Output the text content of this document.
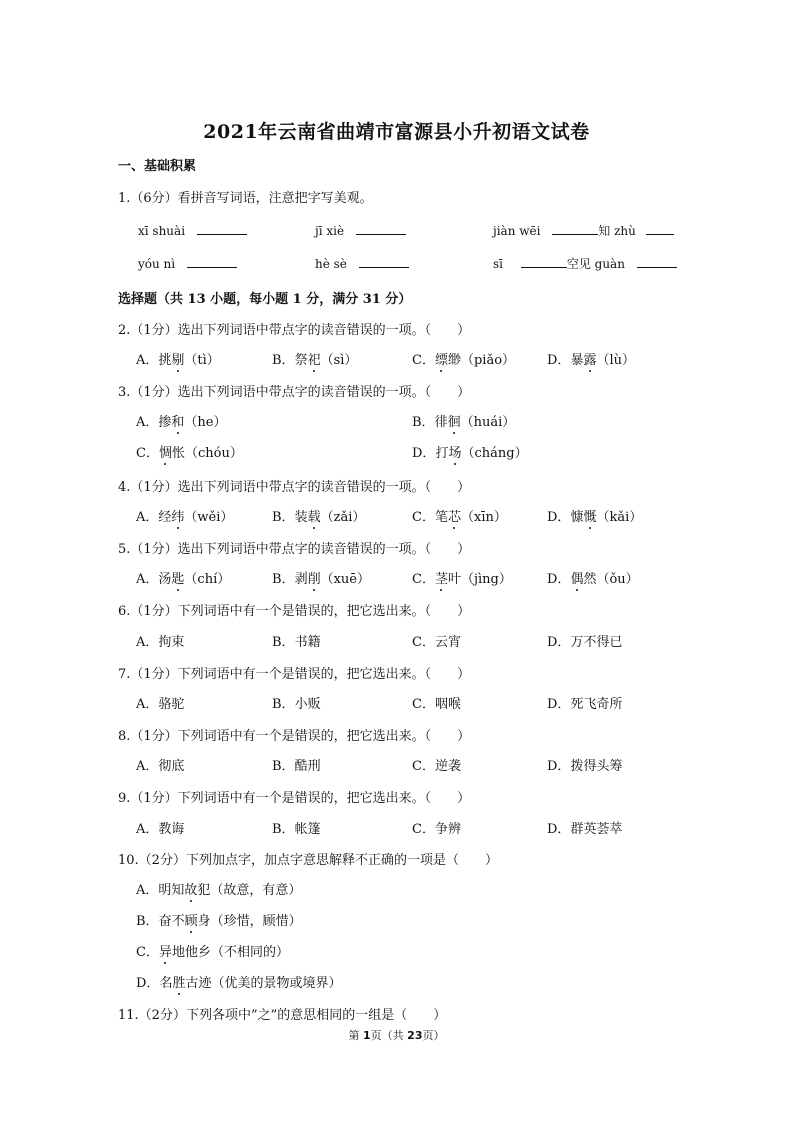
2021年云南省曲靖市富源县小升初语文试卷
一、基础积累
1.（6分）看拼音写词语，注意把字写美观。
xī shuài	jī xiè	jiàn wēi	知 zhù
yóu nì	hè sè	sī	空见 guàn
选择题（共 13 小题，每小题 1 分，满分 31 分）
2.（1分）选出下列词语中带点字的读音错误的一项。（　　）
A．挑剔（tì）	B．祭祀（sì）	C．缥缈（piǎo） D．暴露（lù）
3.（1分）选出下列词语中带点字的读音错误的一项。（　　）
A．掺和（he）	B．徘徊（huái）
C．惆怅（chóu）	D．打场（cháng）
4.（1分）选出下列词语中带点字的读音错误的一项。（　　）
A．经纬（wěi）	B．装载（zǎi）	C．笔芯（xīn）	D．慷慨（kǎi）
5.（1分）选出下列词语中带点字的读音错误的一项。（　　）
A．汤匙（chí）	B．剥削（xuē）	C．茎叶（jìng）	D．偶然（ǒu）
6.（1分）下列词语中有一个是错误的，把它选出来。（　　）
A．拘束	B．书籍	C．云宵	D．万不得已
7.（1分）下列词语中有一个是错误的，把它选出来。（　　）
A．骆驼	B．小贩	C．咽喉	D．死飞奇所
8.（1分）下列词语中有一个是错误的，把它选出来。（　　）
A．彻底	B．酷刑	C．逆袭	D．拨得头筹
9.（1分）下列词语中有一个是错误的，把它选出来。（　　）
A．教诲	B．帐篷	C．争辨	D．群英荟萃
10.（2分）下列加点字，加点字意思解释不正确的一项是（　　）
A．明知故犯（故意，有意）
B．奋不顾身（珍惜，顾惜）
C．异地他乡（不相同的）
D．名胜古迹（优美的景物或境界）
11.（2分）下列各项中”之”的意思相同的一组是（　　）
第 1页（共 23页）
